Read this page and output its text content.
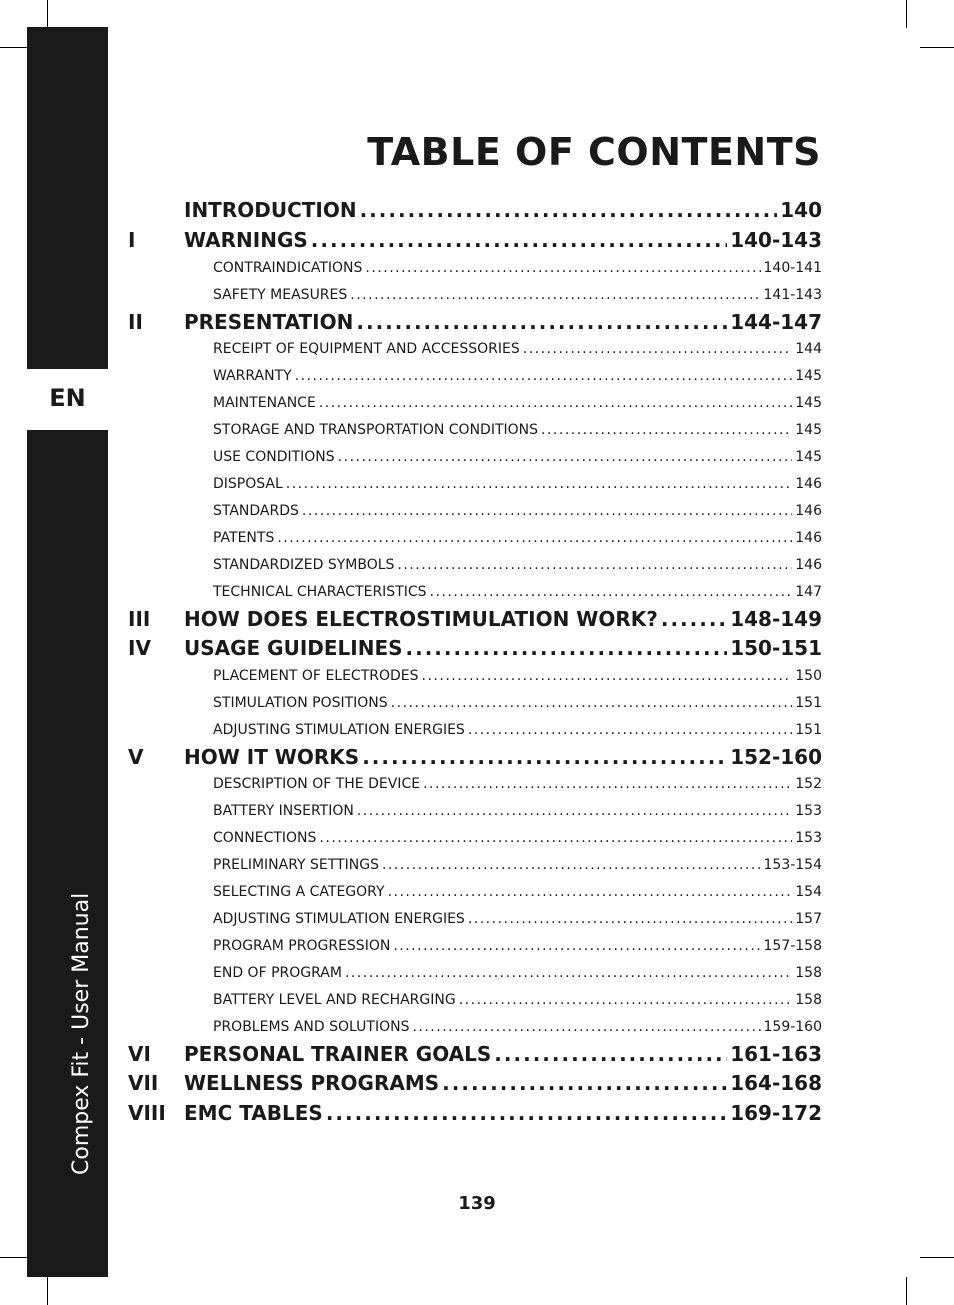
EN
Compex Fit - User Manual
TABLE OF CONTENTS
INTRODUCTION .....	140
I	WARNINGS .....	140-143
CONTRAINDICATIONS .....	140-141
SAFETY MEASURES .....	141-143
II	PRESENTATION .....	144-147
RECEIPT OF EQUIPMENT AND ACCESSORIES .....	144
WARRANTY .....	145
MAINTENANCE .....	145
STORAGE AND TRANSPORTATION CONDITIONS .....	145
USE CONDITIONS .....	145
DISPOSAL .....	146
STANDARDS .....	146
PATENTS .....	146
STANDARDIZED SYMBOLS .....	146
TECHNICAL CHARACTERISTICS .....	147
III	HOW DOES ELECTROSTIMULATION WORK? .....	148-149
IV	USAGE GUIDELINES .....	150-151
PLACEMENT OF ELECTRODES .....	150
STIMULATION POSITIONS .....	151
ADJUSTING STIMULATION ENERGIES .....	151
V	HOW IT WORKS .....	152-160
DESCRIPTION OF THE DEVICE .....	152
BATTERY INSERTION .....	153
CONNECTIONS .....	153
PRELIMINARY SETTINGS .....	153-154
SELECTING A CATEGORY .....	154
ADJUSTING STIMULATION ENERGIES .....	157
PROGRAM PROGRESSION .....	157-158
END OF PROGRAM .....	158
BATTERY LEVEL AND RECHARGING .....	158
PROBLEMS AND SOLUTIONS .....	159-160
VI	PERSONAL TRAINER GOALS .....	161-163
VII	WELLNESS PROGRAMS .....	164-168
VIII EMC TABLES .....	169-172
139
